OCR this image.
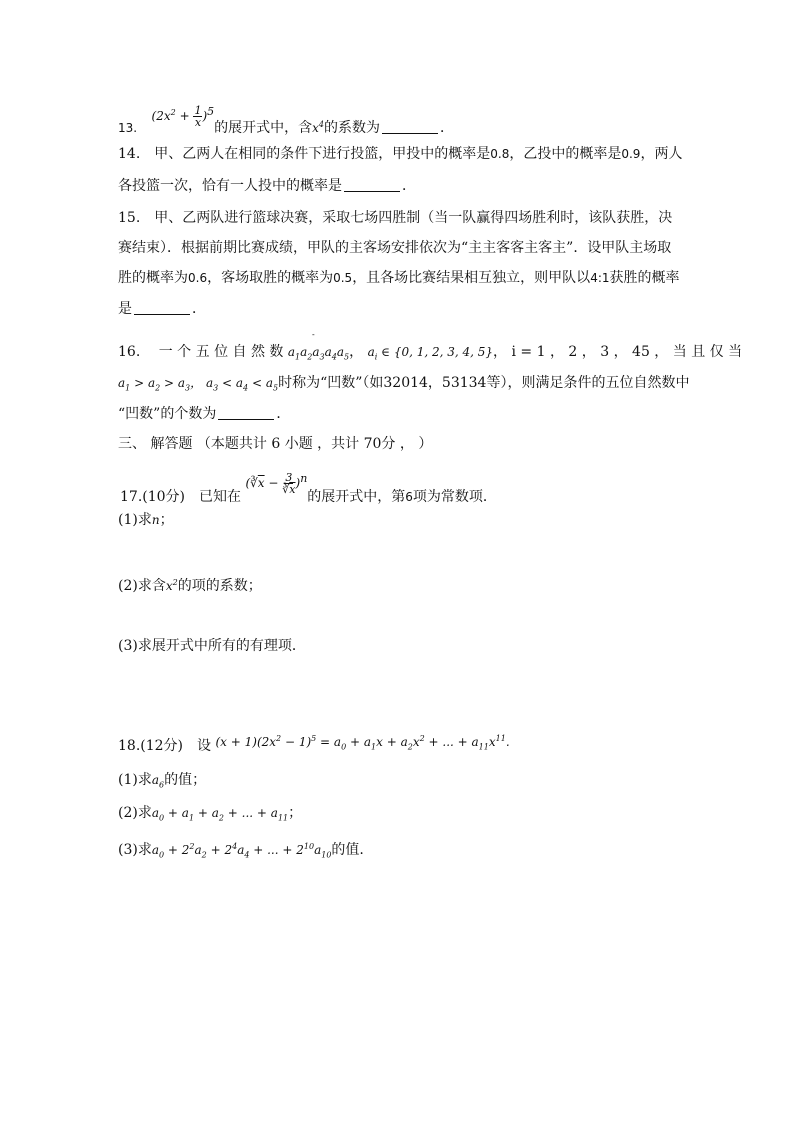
13. $(2x^2 + \frac{1}{x} )^5$的展开式中，含$x^4$的系数为	．
14.　甲、乙两人在相同的条件下进行投篮，甲投中的概率是0.8，乙投中的概率是0.9，两人
各投篮一次，恰有一人投中的概率是	．
15.　甲、乙两队进行篮球决赛，采取七场四胜制（当一队赢得四场胜利时，该队获胜，决
赛结束）．根据前期比赛成绩，甲队的主客场安排依次为“主主客客主客主”．设甲队主场取
胜的概率为0.6，客场取胜的概率为0.5，且各场比赛结果相互独立，则甲队以4:1获胜的概率
是	．
-
16.　 一 个 五 位 自 然 数 $a_1a_2a_3a_4a_5$， $a_i$ ∈ {0, 1, 2, 3, 4, 5}， i = 1 ， 2 ， 3 ， 45 ， 当 且 仅 当
$a_1 > a_2 > a_3$， $a_3 < a_4 < a_5$时称为“凹数”（如32014，53134等），则满足条件的五位自然数中
“凹数”的个数为	．
三、 解答题 （本题共计 6 小题 ，共计 70分 ， ）
17.(10分)　已知在 $(∛\overline{x} - \frac{3}{∛\overline{x}} )^n$的展开式中，第6项为常数项．
(1)求n；
(2)求含$x^2$的项的系数；
(3)求展开式中所有的有理项．
18.(12分)　设 $(x + 1)(2x^2 - 1)^5 = a_0 + a_1x + a_2x^2$ + ... + $a_{11}x^{11}$.
(1)求$a_6$的值；
(2)求$a_0 + a_1 + a_2$ + ... + $a_{11}$；
(3)求$a_0 + 2^2a_2 + 2^4a_4$ + ... + $2^{10}a_{10}$的值.
